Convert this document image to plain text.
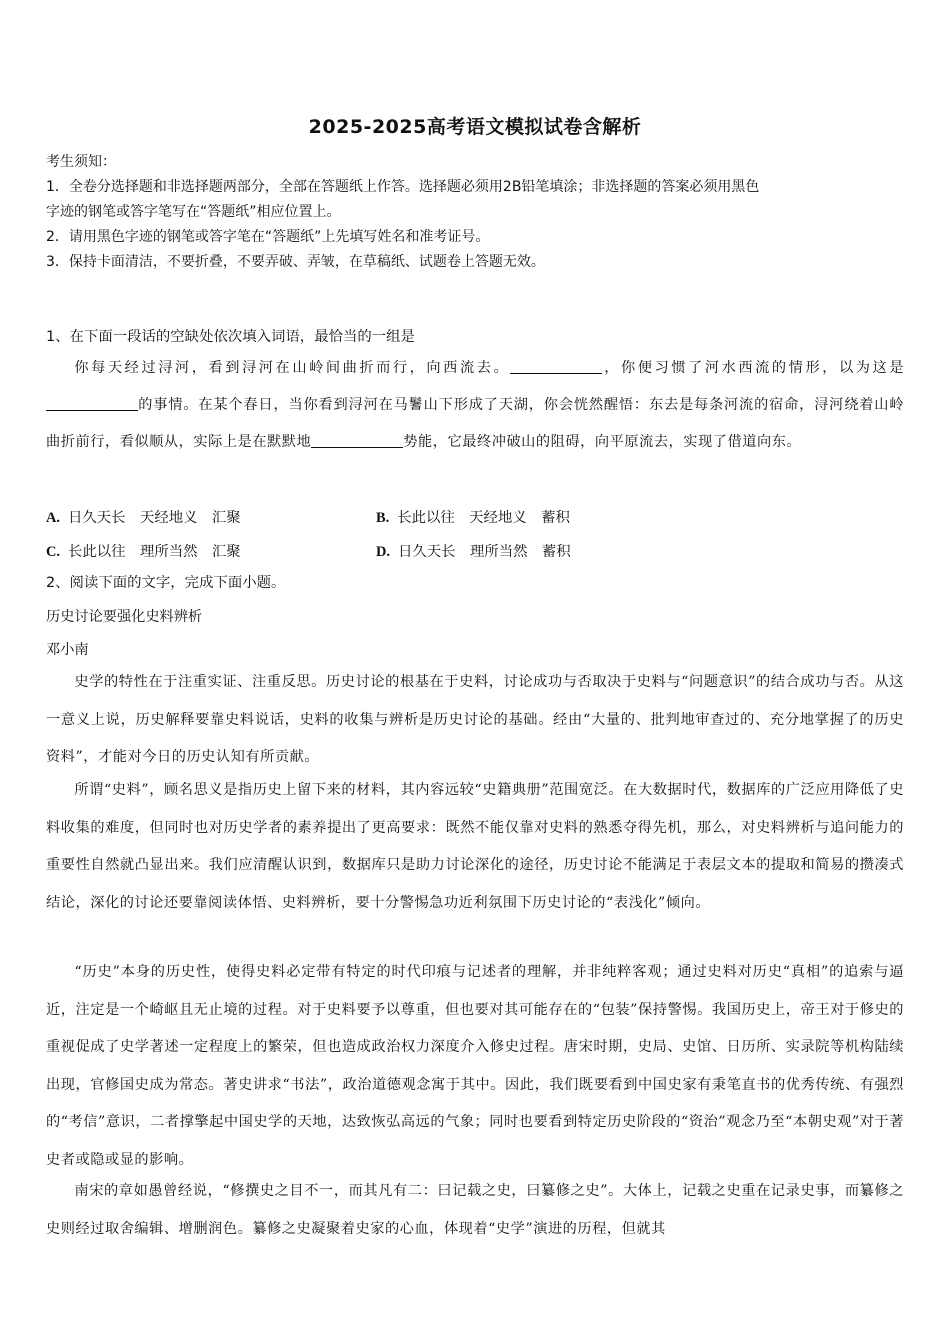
2025-2025高考语文模拟试卷含解析
考生须知：
1．全卷分选择题和非选择题两部分，全部在答题纸上作答。选择题必须用2B铅笔填涂；非选择题的答案必须用黑色
字迹的钢笔或答字笔写在“答题纸”相应位置上。
2．请用黑色字迹的钢笔或答字笔在“答题纸”上先填写姓名和准考证号。
3．保持卡面清洁，不要折叠，不要弄破、弄皱，在草稿纸、试题卷上答题无效。
1、在下面一段话的空缺处依次填入词语，最恰当的一组是
你每天经过浔河，看到浔河在山岭间曲折而行，向西流去。	，你便习惯了河水西流的情形，以为这是的事情。在某个春日，当你看到浔河在马鬐山下形成了天湖，你会恍然醒悟：东去是每条河流的宿命，浔河绕着山岭曲折前行，看似顺从，实际上是在默默地	势能，它最终冲破山的阻碍，向平原流去，实现了借道向东。
A. 日久天长　天经地义　汇聚	B. 长此以往　天经地义　蓄积
C. 长此以往　理所当然　汇聚	D. 日久天长　理所当然　蓄积
2、阅读下面的文字，完成下面小题。
历史讨论要强化史料辨析
邓小南
史学的特性在于注重实证、注重反思。历史讨论的根基在于史料，讨论成功与否取决于史料与“问题意识”的结合成功与否。从这一意义上说，历史解释要靠史料说话，史料的收集与辨析是历史讨论的基础。经由“大量的、批判地审查过的、充分地掌握了的历史资料”，才能对今日的历史认知有所贡献。
所谓“史料”，顾名思义是指历史上留下来的材料，其内容远较“史籍典册”范围宽泛。在大数据时代，数据库的广泛应用降低了史料收集的难度，但同时也对历史学者的素养提出了更高要求：既然不能仅靠对史料的熟悉夺得先机，那么，对史料辨析与追问能力的重要性自然就凸显出来。我们应清醒认识到，数据库只是助力讨论深化的途径，历史讨论不能满足于表层文本的提取和简易的攒凑式结论，深化的讨论还要靠阅读体悟、史料辨析，要十分警惕急功近利氛围下历史讨论的“表浅化”倾向。
“历史”本身的历史性，使得史料必定带有特定的时代印痕与记述者的理解，并非纯粹客观；通过史料对历史“真相”的追索与逼近，注定是一个崎岖且无止境的过程。对于史料要予以尊重，但也要对其可能存在的“包装”保持警惕。我国历史上，帝王对于修史的重视促成了史学著述一定程度上的繁荣，但也造成政治权力深度介入修史过程。唐宋时期，史局、史馆、日历所、实录院等机构陆续出现，官修国史成为常态。著史讲求“书法”，政治道德观念寓于其中。因此，我们既要看到中国史家有秉笔直书的优秀传统、有强烈的“考信”意识，二者撑擎起中国史学的天地，达致恢弘高远的气象；同时也要看到特定历史阶段的“资治”观念乃至“本朝史观”对于著史者或隐或显的影响。
南宋的章如愚曾经说，“修撰史之目不一，而其凡有二：曰记载之史，曰纂修之史”。大体上，记载之史重在记录史事，而纂修之史则经过取舍编辑、增删润色。纂修之史凝聚着史家的心血，体现着“史学”演进的历程，但就其
